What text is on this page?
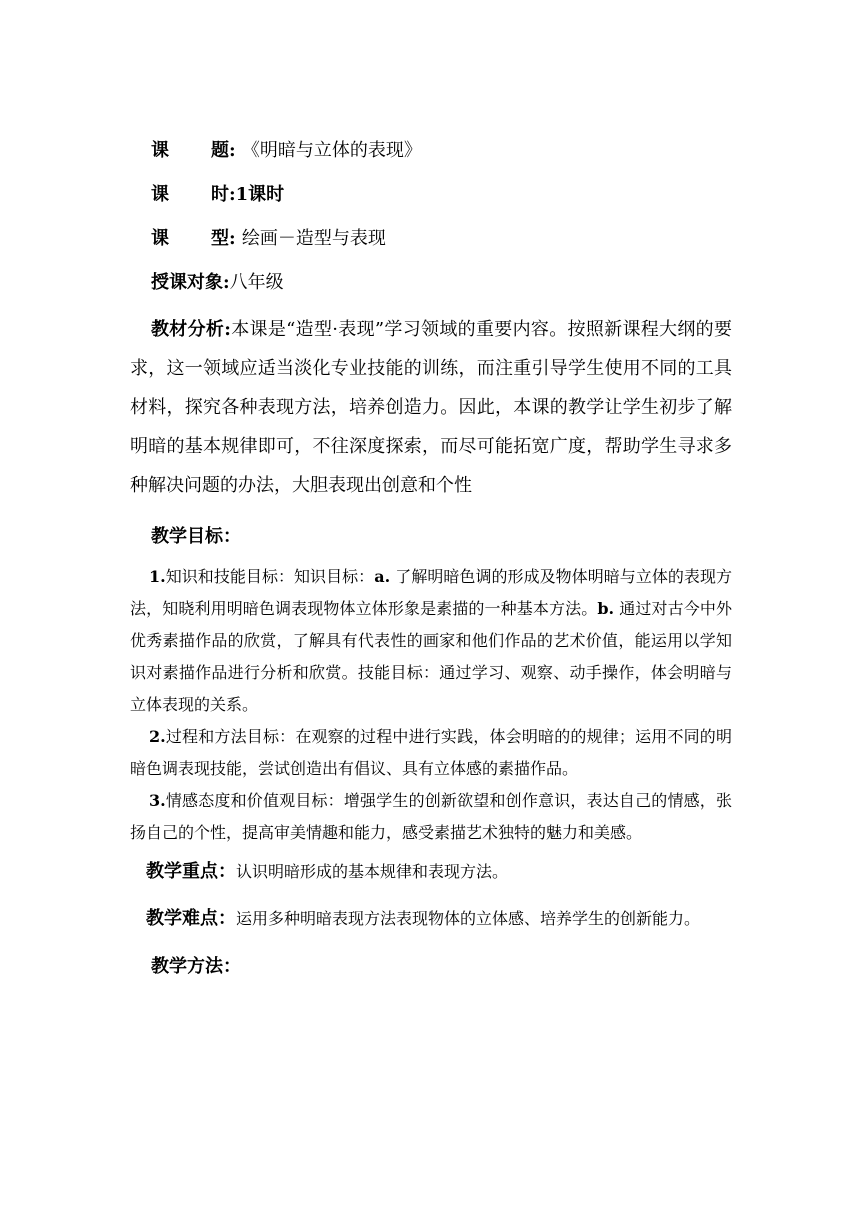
课 题: 《明暗与立体的表现》

课 时:1课时

课 型: 绘画－造型与表现

授课对象:八年级

教材分析:本课是“造型·表现”学习领域的重要内容。按照新课程大纲的要求，这一领域应适当淡化专业技能的训练，而注重引导学生使用不同的工具材料，探究各种表现方法，培养创造力。因此，本课的教学让学生初步了解明暗的基本规律即可，不往深度探索，而尽可能拓宽广度，帮助学生寻求多种解决问题的办法，大胆表现出创意和个性

教学目标：

1.知识和技能目标：知识目标：a. 了解明暗色调的形成及物体明暗与立体的表现方法，知晓利用明暗色调表现物体立体形象是素描的一种基本方法。b. 通过对古今中外优秀素描作品的欣赏，了解具有代表性的画家和他们作品的艺术价值，能运用以学知识对素描作品进行分析和欣赏。技能目标：通过学习、观察、动手操作，体会明暗与立体表现的关系。

2.过程和方法目标：在观察的过程中进行实践，体会明暗的的规律；运用不同的明暗色调表现技能，尝试创造出有倡议、具有立体感的素描作品。

3.情感态度和价值观目标：增强学生的创新欲望和创作意识，表达自己的情感，张扬自己的个性，提高审美情趣和能力，感受素描艺术独特的魅力和美感。

教学重点：认识明暗形成的基本规律和表现方法。

教学难点：运用多种明暗表现方法表现物体的立体感、培养学生的创新能力。

教学方法：
